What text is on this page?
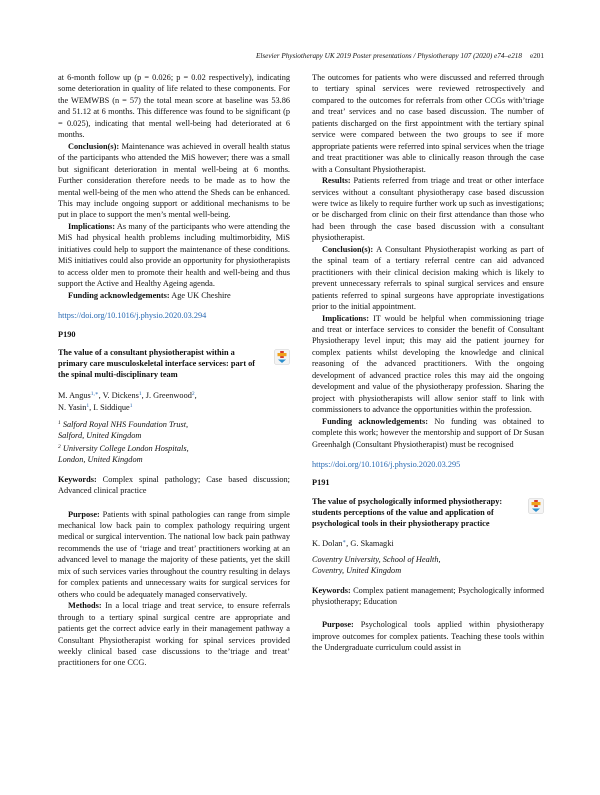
Elsevier Physiotherapy UK 2019 Poster presentations / Physiotherapy 107 (2020) e74–e218 e201

at 6-month follow up (p = 0.026; p = 0.02 respectively), indicating some deterioration in quality of life related to these components. For the WEMWBS (n = 57) the total mean score at baseline was 53.86 and 51.12 at 6 months. This difference was found to be significant (p = 0.025), indicating that mental well-being had deteriorated at 6 months.

Conclusion(s): Maintenance was achieved in overall health status of the participants who attended the MiS however; there was a small but significant deterioration in mental well-being at 6 months. Further consideration therefore needs to be made as to how the mental well-being of the men who attend the Sheds can be enhanced. This may include ongoing support or additional mechanisms to be put in place to support the men’s mental well-being.

Implications: As many of the participants who were attending the MiS had physical health problems including multimorbidity, MiS initiatives could help to support the maintenance of these conditions. MiS initiatives could also provide an opportunity for physiotherapists to access older men to promote their health and well-being and thus support the Active and Healthy Ageing agenda.

Funding acknowledgements: Age UK Cheshire

https://doi.org/10.1016/j.physio.2020.03.294
P190
The value of a consultant physiotherapist within a primary care musculoskeletal interface services: part of the spinal multi-disciplinary team
M. Angus$^{1,∗}$, V. Dickens$^1$, J. Greenwood$^2$,
N. Yasin$^1$, I. Siddique$^1$
$^1$ Salford Royal NHS Foundation Trust,
Salford, United Kingdom
$^2$ University College London Hospitals,
London, United Kingdom

Keywords: Complex spinal pathology; Case based discussion; Advanced clinical practice

Purpose: Patients with spinal pathologies can range from simple mechanical low back pain to complex pathology requiring urgent medical or surgical intervention. The national low back pain pathway recommends the use of ‘triage and treat’ practitioners working at an advanced level to manage the majority of these patients, yet the skill mix of such services varies throughout the country resulting in delays for complex patients and unnecessary waits for surgical services for others who could be adequately managed conservatively.

Methods: In a local triage and treat service, to ensure referrals through to a tertiary spinal surgical centre are appropriate and patients get the correct advice early in their management pathway a Consultant Physiotherapist working for spinal services provided weekly clinical based case discussions to the’triage and treat’ practitioners for one CCG.

The outcomes for patients who were discussed and referred through to tertiary spinal services were reviewed retrospectively and compared to the outcomes for referrals from other CCGs with’triage and treat’ services and no case based discussion. The number of patients discharged on the first appointment with the tertiary spinal service were compared between the two groups to see if more appropriate patients were referred into spinal services when the triage and treat practitioner was able to clinically reason through the case with a Consultant Physiotherapist.

Results: Patients referred from triage and treat or other interface services without a consultant physiotherapy case based discussion were twice as likely to require further work up such as investigations; or be discharged from clinic on their first attendance than those who had been through the case based discussion with a consultant physiotherapist.

Conclusion(s): A Consultant Physiotherapist working as part of the spinal team of a tertiary referral centre can aid advanced practitioners with their clinical decision making which is likely to prevent unnecessary referrals to spinal surgical services and ensure patients referred to spinal surgeons have appropriate investigations prior to the initial appointment.

Implications: IT would be helpful when commissioning triage and treat or interface services to consider the benefit of Consultant Physiotherapy level input; this may aid the patient journey for complex patients whilst developing the knowledge and clinical reasoning of the advanced practitioners. With the ongoing development of advanced practice roles this may aid the ongoing development and value of the physiotherapy profession. Sharing the project with physiotherapists will allow senior staff to link with commissioners to advance the opportunities within the profession.

Funding acknowledgements: No funding was obtained to complete this work; however the mentorship and support of Dr Susan Greenhalgh (Consultant Physiotherapist) must be recognised

https://doi.org/10.1016/j.physio.2020.03.295
P191
The value of psychologically informed physiotherapy: students perceptions of the value and application of psychological tools in their physiotherapy practice
K. Dolan∗, G. Skamagki
Coventry University, School of Health,
Coventry, United Kingdom

Keywords: Complex patient management; Psychologically informed physiotherapy; Education

Purpose: Psychological tools applied within physiotherapy improve outcomes for complex patients. Teaching these tools within the Undergraduate curriculum could assist in
